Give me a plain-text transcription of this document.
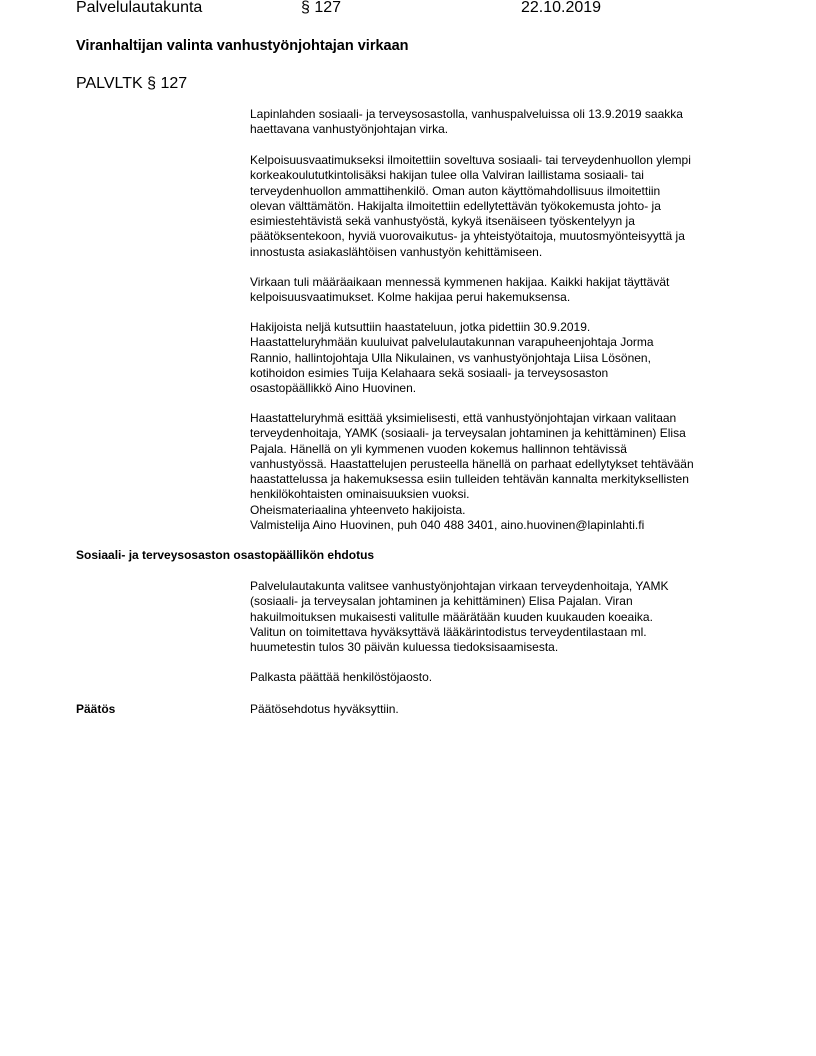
Palvelulautakunta	§ 127	22.10.2019
Viranhaltijan valinta vanhustyönjohtajan virkaan
PALVLTK § 127
Lapinlahden sosiaali- ja terveysosastolla, vanhuspalveluissa oli 13.9.2019 saakka
haettavana vanhustyönjohtajan virka.
Kelpoisuusvaatimukseksi ilmoitettiin soveltuva sosiaali- tai terveydenhuollon ylempi
korkeakoulututkintolisäksi hakijan tulee olla Valviran laillistama sosiaali- tai
terveydenhuollon ammattihenkilö. Oman auton käyttömahdollisuus ilmoitettiin
olevan välttämätön. Hakijalta ilmoitettiin edellytettävän työkokemusta johto- ja
esimiestehtävistä sekä vanhustyöstä, kykyä itsenäiseen työskentelyyn ja
päätöksentekoon, hyviä vuorovaikutus- ja yhteistyötaitoja, muutosmyönteisyyttä ja
innostusta asiakaslähtöisen vanhustyön kehittämiseen.
Virkaan tuli määräaikaan mennessä kymmenen hakijaa. Kaikki hakijat täyttävät
kelpoisuusvaatimukset. Kolme hakijaa perui hakemuksensa.
Hakijoista neljä kutsuttiin haastateluun, jotka pidettiin 30.9.2019.
Haastatteluryhmään kuuluivat palvelulautakunnan varapuheenjohtaja Jorma
Rannio, hallintojohtaja Ulla Nikulainen, vs vanhustyönjohtaja Liisa Lösönen,
kotihoidon esimies Tuija Kelahaara sekä sosiaali- ja terveysosaston
osastopäällikkö Aino Huovinen.
Haastatteluryhmä esittää yksimielisesti, että vanhustyönjohtajan virkaan valitaan
terveydenhoitaja, YAMK (sosiaali- ja terveysalan johtaminen ja kehittäminen) Elisa
Pajala. Hänellä on yli kymmenen vuoden kokemus hallinnon tehtävissä
vanhustyössä. Haastattelujen perusteella hänellä on parhaat edellytykset tehtävään
haastattelussa ja hakemuksessa esiin tulleiden tehtävän kannalta merkityksellisten
henkilökohtaisten ominaisuuksien vuoksi.
Oheismateriaalina yhteenveto hakijoista.
Valmistelija Aino Huovinen, puh 040 488 3401, aino.huovinen@lapinlahti.fi
Sosiaali- ja terveysosaston osastopäällikön ehdotus
Palvelulautakunta valitsee vanhustyönjohtajan virkaan terveydenhoitaja, YAMK
(sosiaali- ja terveysalan johtaminen ja kehittäminen) Elisa Pajalan. Viran
hakuilmoituksen mukaisesti valitulle määrätään kuuden kuukauden koeaika.
Valitun on toimitettava hyväksyttävä lääkärintodistus terveydentilastaan ml.
huumetestin tulos 30 päivän kuluessa tiedoksisaamisesta.
Palkasta päättää henkilöstöjaosto.
Päätös	Päätösehdotus hyväksyttiin.
